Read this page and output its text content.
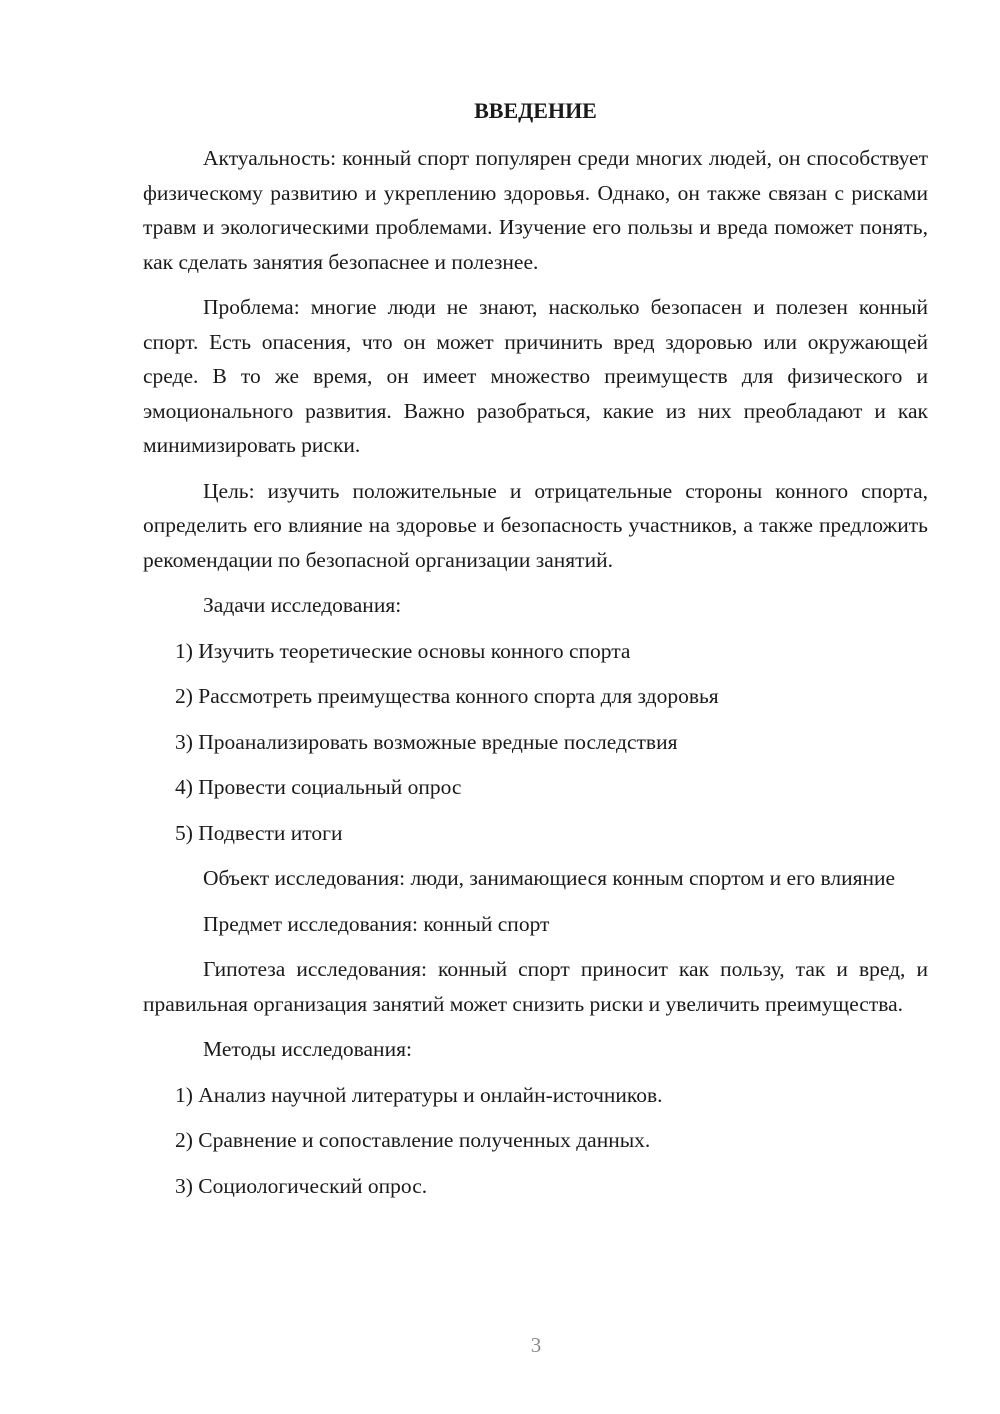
ВВЕДЕНИЕ

Актуальность: конный спорт популярен среди многих людей, он способствует физическому развитию и укреплению здоровья. Однако, он также связан с рисками травм и экологическими проблемами. Изучение его пользы и вреда поможет понять, как сделать занятия безопаснее и полезнее.

Проблема: многие люди не знают, насколько безопасен и полезен конный спорт. Есть опасения, что он может причинить вред здоровью или окружающей среде. В то же время, он имеет множество преимуществ для физического и эмоционального развития. Важно разобраться, какие из них преобладают и как минимизировать риски.

Цель: изучить положительные и отрицательные стороны конного спорта, определить его влияние на здоровье и безопасность участников, а также предложить рекомендации по безопасной организации занятий.

Задачи исследования:

1) Изучить теоретические основы конного спорта

2) Рассмотреть преимущества конного спорта для здоровья

3) Проанализировать возможные вредные последствия

4) Провести социальный опрос

5) Подвести итоги

Объект исследования: люди, занимающиеся конным спортом и его влияние

Предмет исследования: конный спорт

Гипотеза исследования: конный спорт приносит как пользу, так и вред, и правильная организация занятий может снизить риски и увеличить преимущества.

Методы исследования:

1) Анализ научной литературы и онлайн-источников.

2) Сравнение и сопоставление полученных данных.

3) Социологический опрос.

3
